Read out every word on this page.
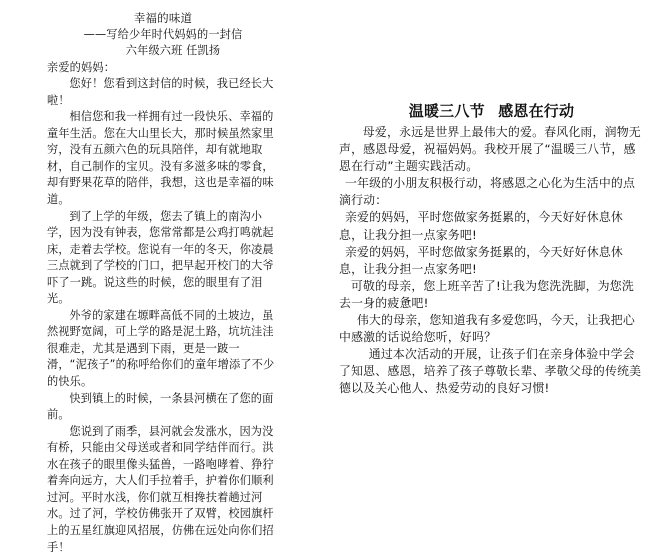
幸福的味道
——写给少年时代妈妈的一封信
六年级六班 任凯扬

亲爱的妈妈：

您好！您看到这封信的时候，我已经长大啦！

相信您和我一样拥有过一段快乐、幸福的童年生活。您在大山里长大，那时候虽然家里穷，没有五颜六色的玩具陪伴，却有就地取材，自己制作的宝贝。没有多滋多味的零食，却有野果花草的陪伴，我想，这也是幸福的味道。

到了上学的年级，您去了镇上的南沟小学，因为没有钟表，您常常都是公鸡打鸣就起床，走着去学校。您说有一年的冬天，你凌晨三点就到了学校的门口，把早起开校门的大爷吓了一跳。说这些的时候，您的眼里有了泪光。

外爷的家建在塬畔高低不同的土坡边，虽然视野宽阔，可上学的路是泥土路，坑坑洼洼很难走，尤其是遇到下雨，更是一跛一滑，“泥孩子”的称呼给你们的童年增添了不少的快乐。

快到镇上的时候，一条县河横在了您的面前。

您说到了雨季，县河就会发涨水，因为没有桥，只能由父母送或者和同学结伴而行。洪水在孩子的眼里像头猛兽，一路咆哮着、狰狞着奔向远方，大人们手拉着手，护着你们顺利过河。平时水浅，你们就互相搀扶着趟过河水。过了河，学校仿佛张开了双臂，校园旗杆上的五星红旗迎风招展，仿佛在远处向你们招手！

温暖三八节 感恩在行动

母爱，永远是世界上最伟大的爱。春风化雨，润物无声，感恩母爱，祝福妈妈。我校开展了“温暖三八节，感恩在行动”主题实践活动。

一年级的小朋友积极行动，将感恩之心化为生活中的点滴行动：

亲爱的妈妈，平时您做家务挺累的，今天好好休息休息，让我分担一点家务吧!

亲爱的妈妈，平时您做家务挺累的，今天好好休息休息，让我分担一点家务吧!

可敬的母亲，您上班辛苦了!让我为您洗洗脚，为您洗去一身的疲惫吧!

伟大的母亲，您知道我有多爱您吗，今天，让我把心中感激的话说给您听，好吗？

通过本次活动的开展，让孩子们在亲身体验中学会了知恩、感恩，培养了孩子尊敬长辈、孝敬父母的传统美德以及关心他人、热爱劳动的良好习惯!
